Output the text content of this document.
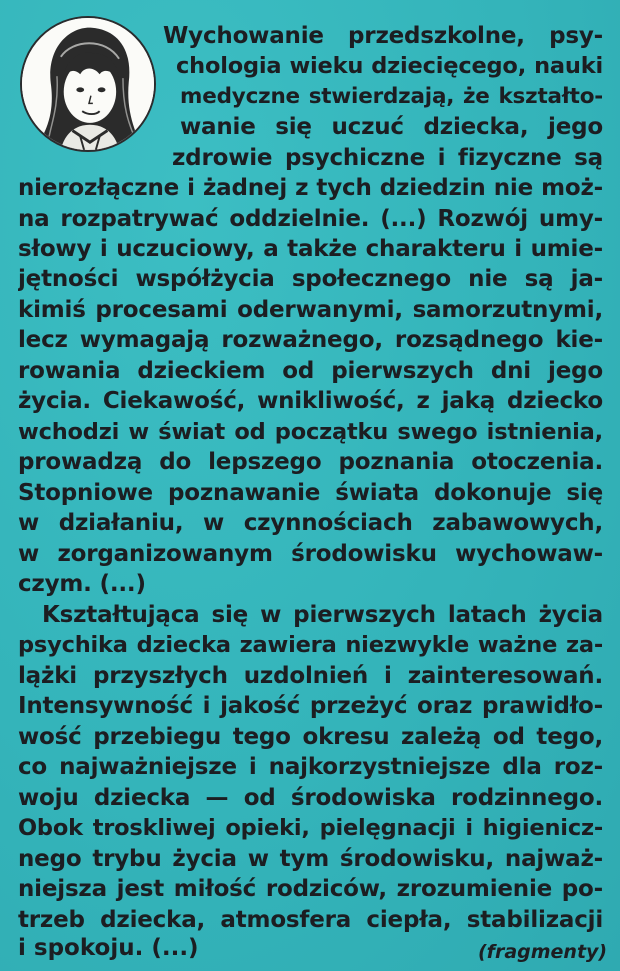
Wychowanie przedszkolne, psy-
chologia wieku dziecięcego, nauki
medyczne stwierdzają, że kształto-
wanie się uczuć dziecka, jego
zdrowie psychiczne i fizyczne są
nierozłączne i żadnej z tych dziedzin nie moż-
na rozpatrywać oddzielnie. (...) Rozwój umy-
słowy i uczuciowy, a także charakteru i umie-
jętności współżycia społecznego nie są ja-
kimiś procesami oderwanymi, samorzutnymi,
lecz wymagają rozważnego, rozsądnego kie-
rowania dzieckiem od pierwszych dni jego
życia. Ciekawość, wnikliwość, z jaką dziecko
wchodzi w świat od początku swego istnienia,
prowadzą do lepszego poznania otoczenia.
Stopniowe poznawanie świata dokonuje się
w działaniu, w czynnościach zabawowych,
w zorganizowanym środowisku wychowaw-
czym. (...)
Kształtująca się w pierwszych latach życia
psychika dziecka zawiera niezwykle ważne za-
lążki przyszłych uzdolnień i zainteresowań.
Intensywność i jakość przeżyć oraz prawidło-
wość przebiegu tego okresu zależą od tego,
co najważniejsze i najkorzystniejsze dla roz-
woju dziecka — od środowiska rodzinnego.
Obok troskliwej opieki, pielęgnacji i higienicz-
nego trybu życia w tym środowisku, najważ-
niejsza jest miłość rodziców, zrozumienie po-
trzeb dziecka, atmosfera ciepła, stabilizacji
i spokoju. (...)	(fragmenty)
